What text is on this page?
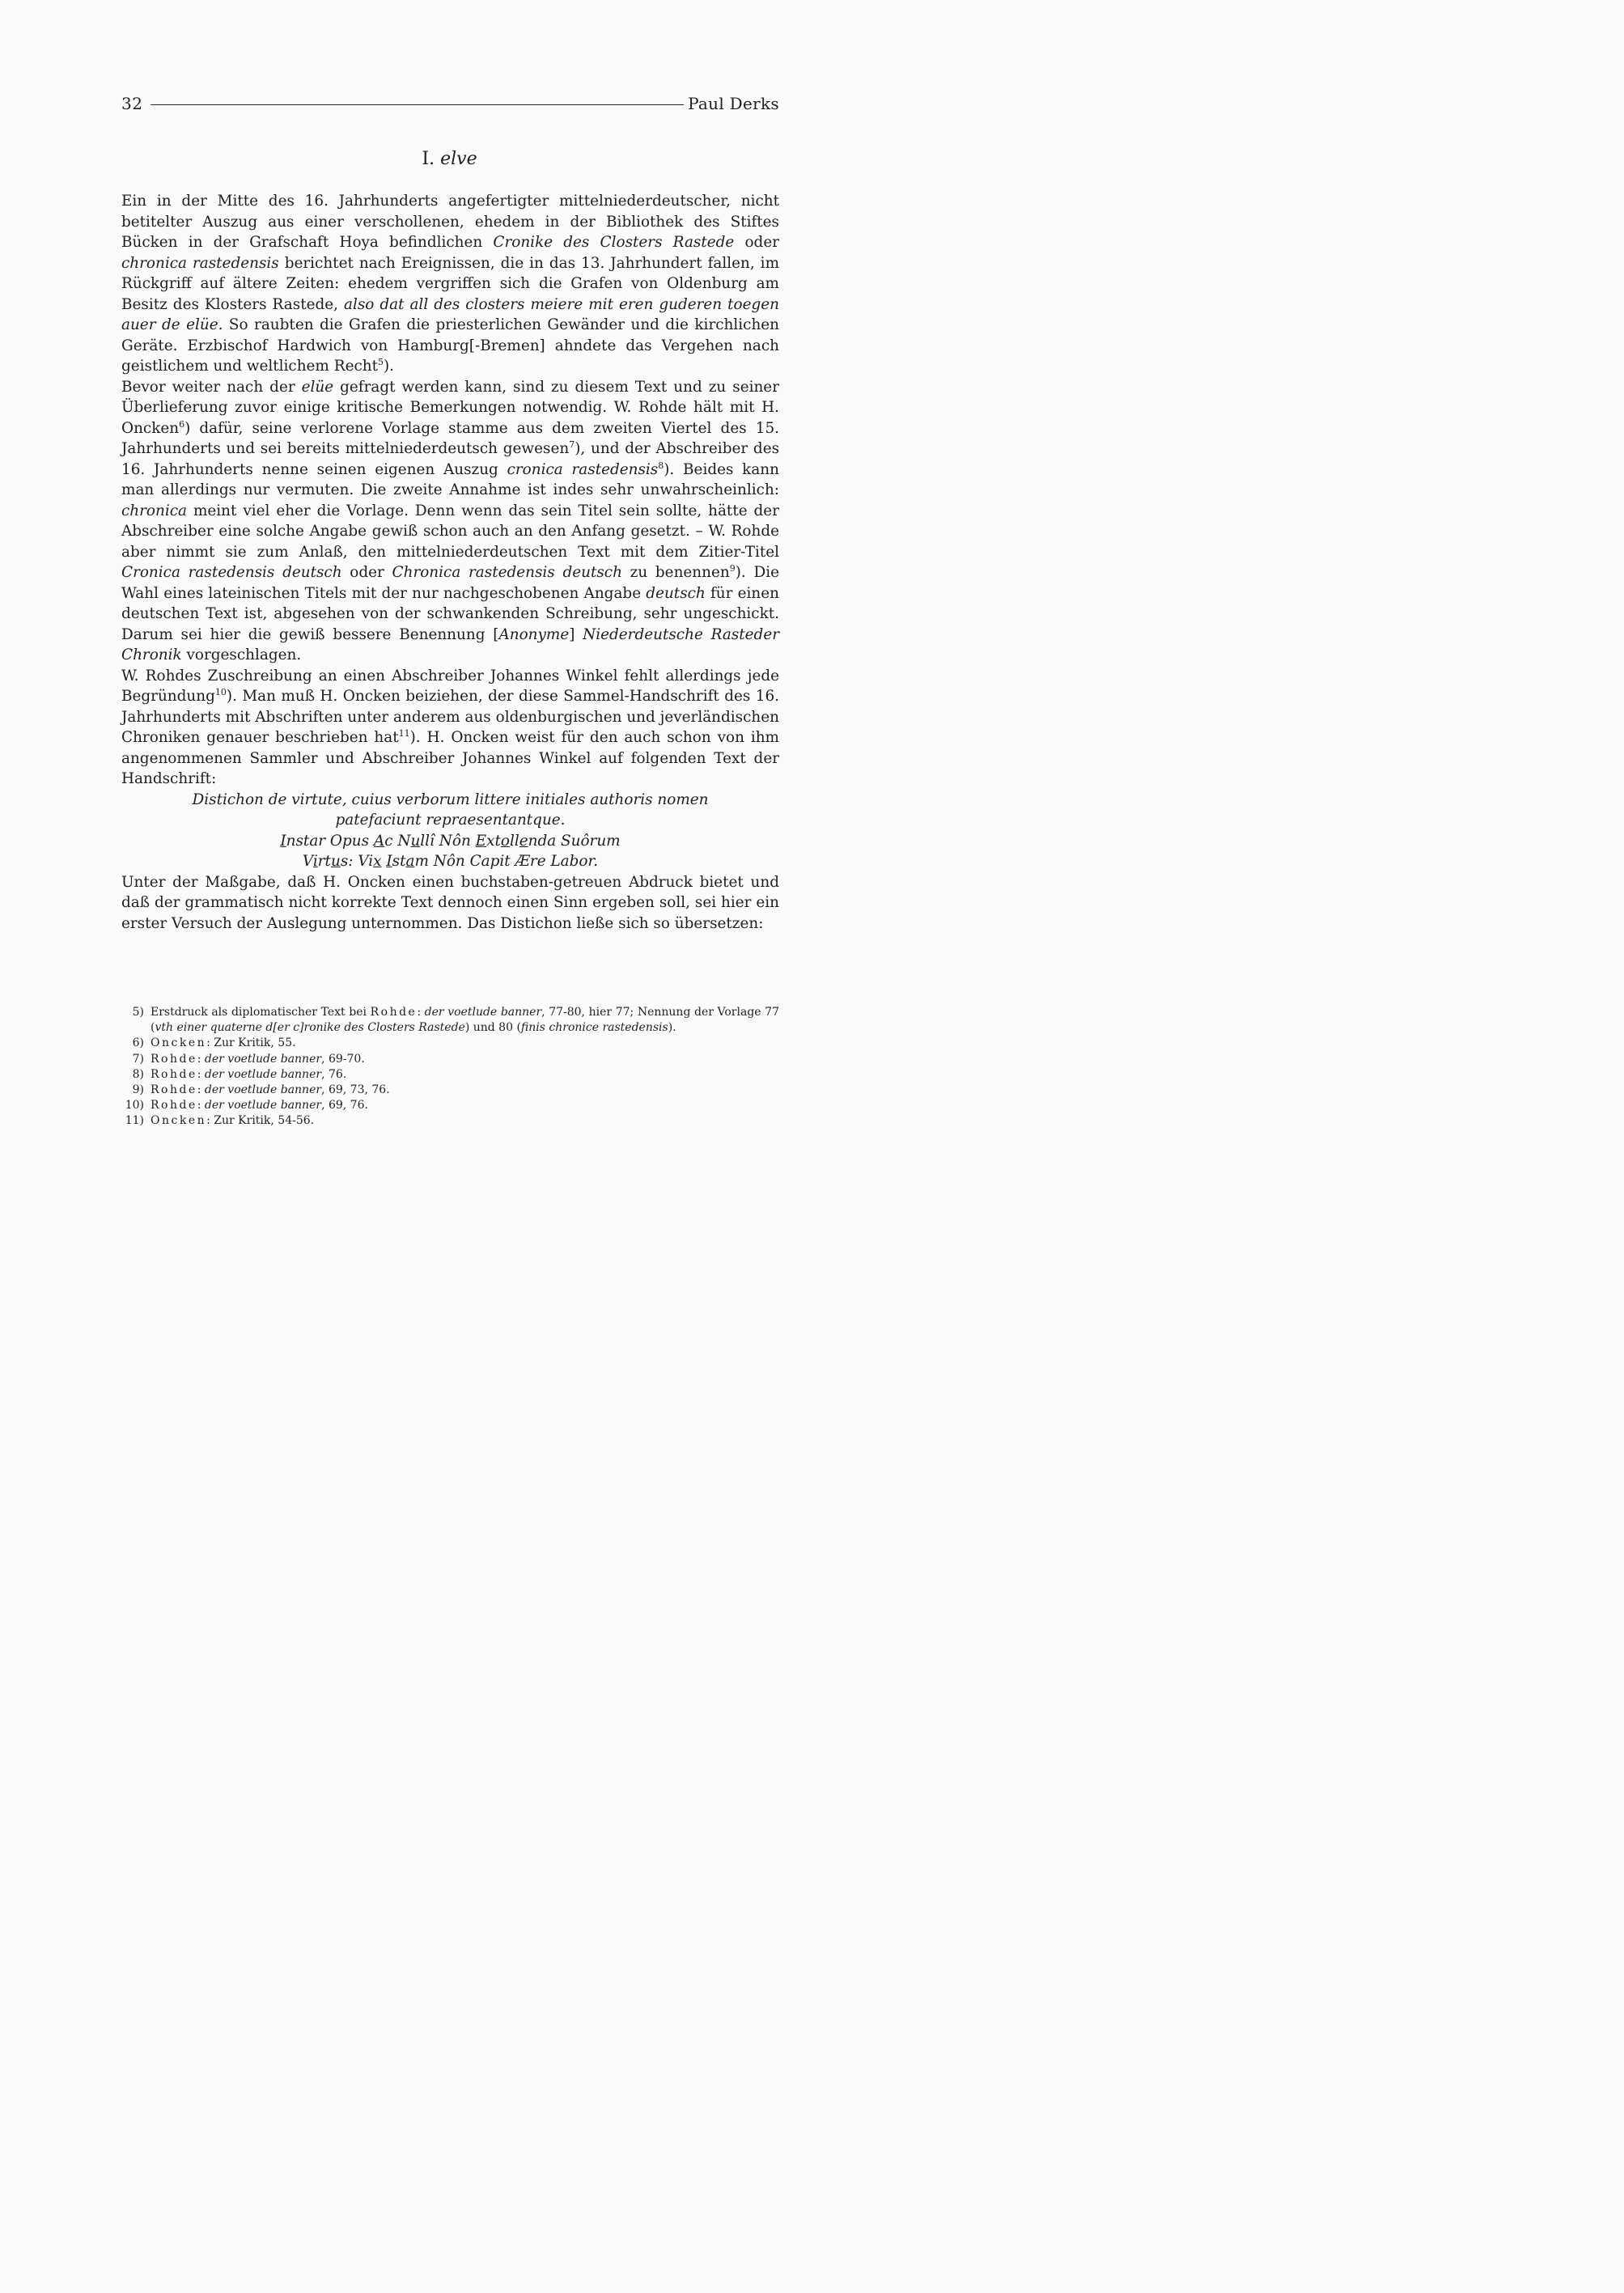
32	Paul Derks
I. elve

Ein in der Mitte des 16. Jahrhunderts angefertigter mittelniederdeutscher, nicht betitelter Auszug aus einer verschollenen, ehedem in der Bibliothek des Stiftes Bücken in der Grafschaft Hoya befindlichen Cronike des Closters Rastede oder chronica rastedensis berichtet nach Ereignissen, die in das 13. Jahrhundert fallen, im Rückgriff auf ältere Zeiten: ehedem vergriffen sich die Grafen von Oldenburg am Besitz des Klosters Rastede, also dat all des closters meiere mit eren guderen toegen auer de elüe. So raubten die Grafen die priesterlichen Gewänder und die kirchlichen Geräte. Erzbischof Hardwich von Hamburg[-Bremen] ahndete das Vergehen nach geistlichem und weltlichem Recht$^5$).

Bevor weiter nach der elüe gefragt werden kann, sind zu diesem Text und zu seiner Überlieferung zuvor einige kritische Bemerkungen notwendig. W. Rohde hält mit H. Oncken$^6$) dafür, seine verlorene Vorlage stamme aus dem zweiten Viertel des 15. Jahrhunderts und sei bereits mittelniederdeutsch gewesen$^7$), und der Abschreiber des 16. Jahrhunderts nenne seinen eigenen Auszug cronica rastedensis$^8$). Beides kann man allerdings nur vermuten. Die zweite Annahme ist indes sehr unwahrscheinlich: chronica meint viel eher die Vorlage. Denn wenn das sein Titel sein sollte, hätte der Abschreiber eine solche Angabe gewiß schon auch an den Anfang gesetzt. – W. Rohde aber nimmt sie zum Anlaß, den mittelniederdeutschen Text mit dem Zitier-Titel Cronica rastedensis deutsch oder Chronica rastedensis deutsch zu benennen$^9$). Die Wahl eines lateinischen Titels mit der nur nachgeschobenen Angabe deutsch für einen deutschen Text ist, abgesehen von der schwankenden Schreibung, sehr ungeschickt. Darum sei hier die gewiß bessere Benennung [Anonyme] Niederdeutsche Rasteder Chronik vorgeschlagen.

W. Rohdes Zuschreibung an einen Abschreiber Johannes Winkel fehlt allerdings jede Begründung$^{10}$). Man muß H. Oncken beiziehen, der diese Sammel-Handschrift des 16. Jahrhunderts mit Abschriften unter anderem aus oldenburgischen und jeverländischen Chroniken genauer beschrieben hat$^{11}$). H. Oncken weist für den auch schon von ihm angenommenen Sammler und Abschreiber Johannes Winkel auf folgenden Text der Handschrift:

Distichon de virtute, cuius verborum littere initiales authoris nomen patefaciunt repraesentantque.

Instar Opus Ac Nullî Nôn Extollenda Suôrum

Virtus: Vix Istam Nôn Capit Ære Labor.

Unter der Maßgabe, daß H. Oncken einen buchstaben-getreuen Abdruck bietet und daß der grammatisch nicht korrekte Text dennoch einen Sinn ergeben soll, sei hier ein erster Versuch der Auslegung unternommen. Das Distichon ließe sich so übersetzen:

5) Erstdruck als diplomatischer Text bei Rohde: der voetlude banner, 77-80, hier 77; Nennung der Vorlage 77 (vth einer quaterne d[er c]ronike des Closters Rastede) und 80 (finis chronice rastedensis).
6) Oncken: Zur Kritik, 55.
7) Rohde: der voetlude banner, 69-70.
8) Rohde: der voetlude banner, 76.
9) Rohde: der voetlude banner, 69, 73, 76.
10) Rohde: der voetlude banner, 69, 76.
11) Oncken: Zur Kritik, 54-56.
